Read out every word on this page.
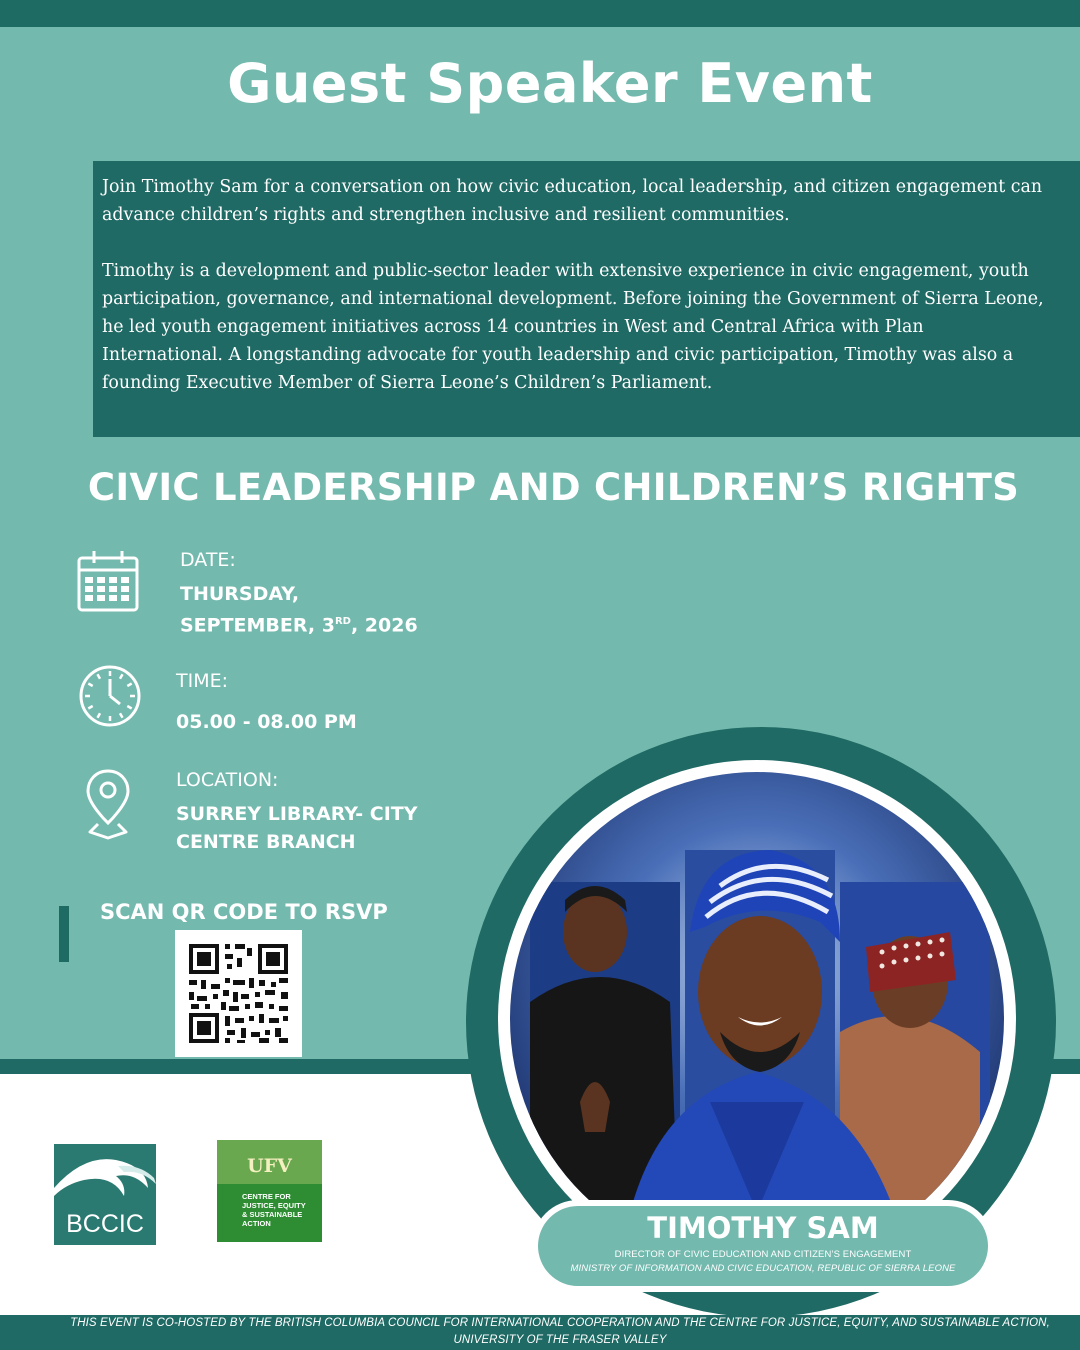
Guest Speaker Event

Join Timothy Sam for a conversation on how civic education, local leadership, and citizen engagement can advance children’s rights and strengthen inclusive and resilient communities.

Timothy is a development and public-sector leader with extensive experience in civic engagement, youth participation, governance, and international development. Before joining the Government of Sierra Leone, he led youth engagement initiatives across 14 countries in West and Central Africa with Plan International. A longstanding advocate for youth leadership and civic participation, Timothy was also a founding Executive Member of Sierra Leone’s Children’s Parliament.

CIVIC LEADERSHIP AND CHILDREN’S RIGHTS
DATE:
THURSDAY,
SEPTEMBER, 3RD, 2026
TIME:
05.00 - 08.00 PM
LOCATION:
SURREY LIBRARY- CITY
CENTRE BRANCH
SCAN QR CODE TO RSVP
THIS EVENT IS CO-HOSTED BY THE BRITISH COLUMBIA COUNCIL FOR INTERNATIONAL COOPERATION AND THE CENTRE FOR JUSTICE, EQUITY, AND SUSTAINABLE ACTION,
UNIVERSITY OF THE FRASER VALLEY
TIMOTHY SAM
DIRECTOR OF CIVIC EDUCATION AND CITIZEN’S ENGAGEMENT
MINISTRY OF INFORMATION AND CIVIC EDUCATION, REPUBLIC OF SIERRA LEONE
BCCIC
UFV
CENTRE FOR
JUSTICE, EQUITY
& SUSTAINABLE
ACTION
